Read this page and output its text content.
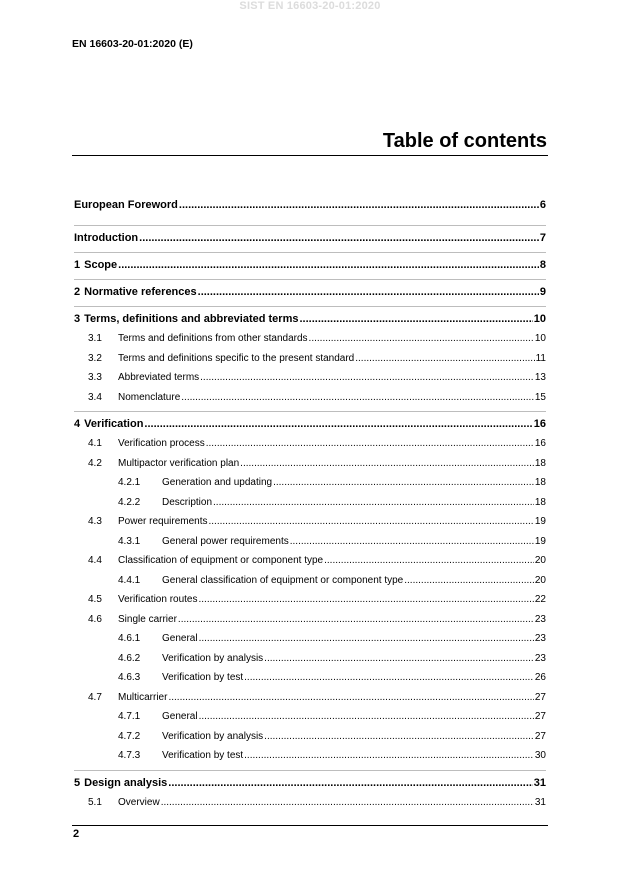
SIST EN 16603-20-01:2020
EN 16603-20-01:2020 (E)
Table of contents
European Foreword .....	6
Introduction .....	7
1 Scope .....	8
2 Normative references .....	9
3 Terms, definitions and abbreviated terms .....	10
3.1	Terms and definitions from other standards .....	10
3.2	Terms and definitions specific to the present standard .....	11
3.3	Abbreviated terms .....	13
3.4	Nomenclature .....	15
4 Verification .....	16
4.1	Verification process .....	16
4.2	Multipactor verification plan .....	18
4.2.1	Generation and updating .....	18
4.2.2	Description .....	18
4.3	Power requirements .....	19
4.3.1	General power requirements .....	19
4.4	Classification of equipment or component type .....	20
4.4.1	General classification of equipment or component type .....	20
4.5	Verification routes .....	22
4.6	Single carrier .....	23
4.6.1	General .....	23
4.6.2	Verification by analysis .....	23
4.6.3	Verification by test .....	26
4.7	Multicarrier .....	27
4.7.1	General .....	27
4.7.2	Verification by analysis .....	27
4.7.3	Verification by test .....	30
5 Design analysis .....	31
5.1	Overview .....	31
2
